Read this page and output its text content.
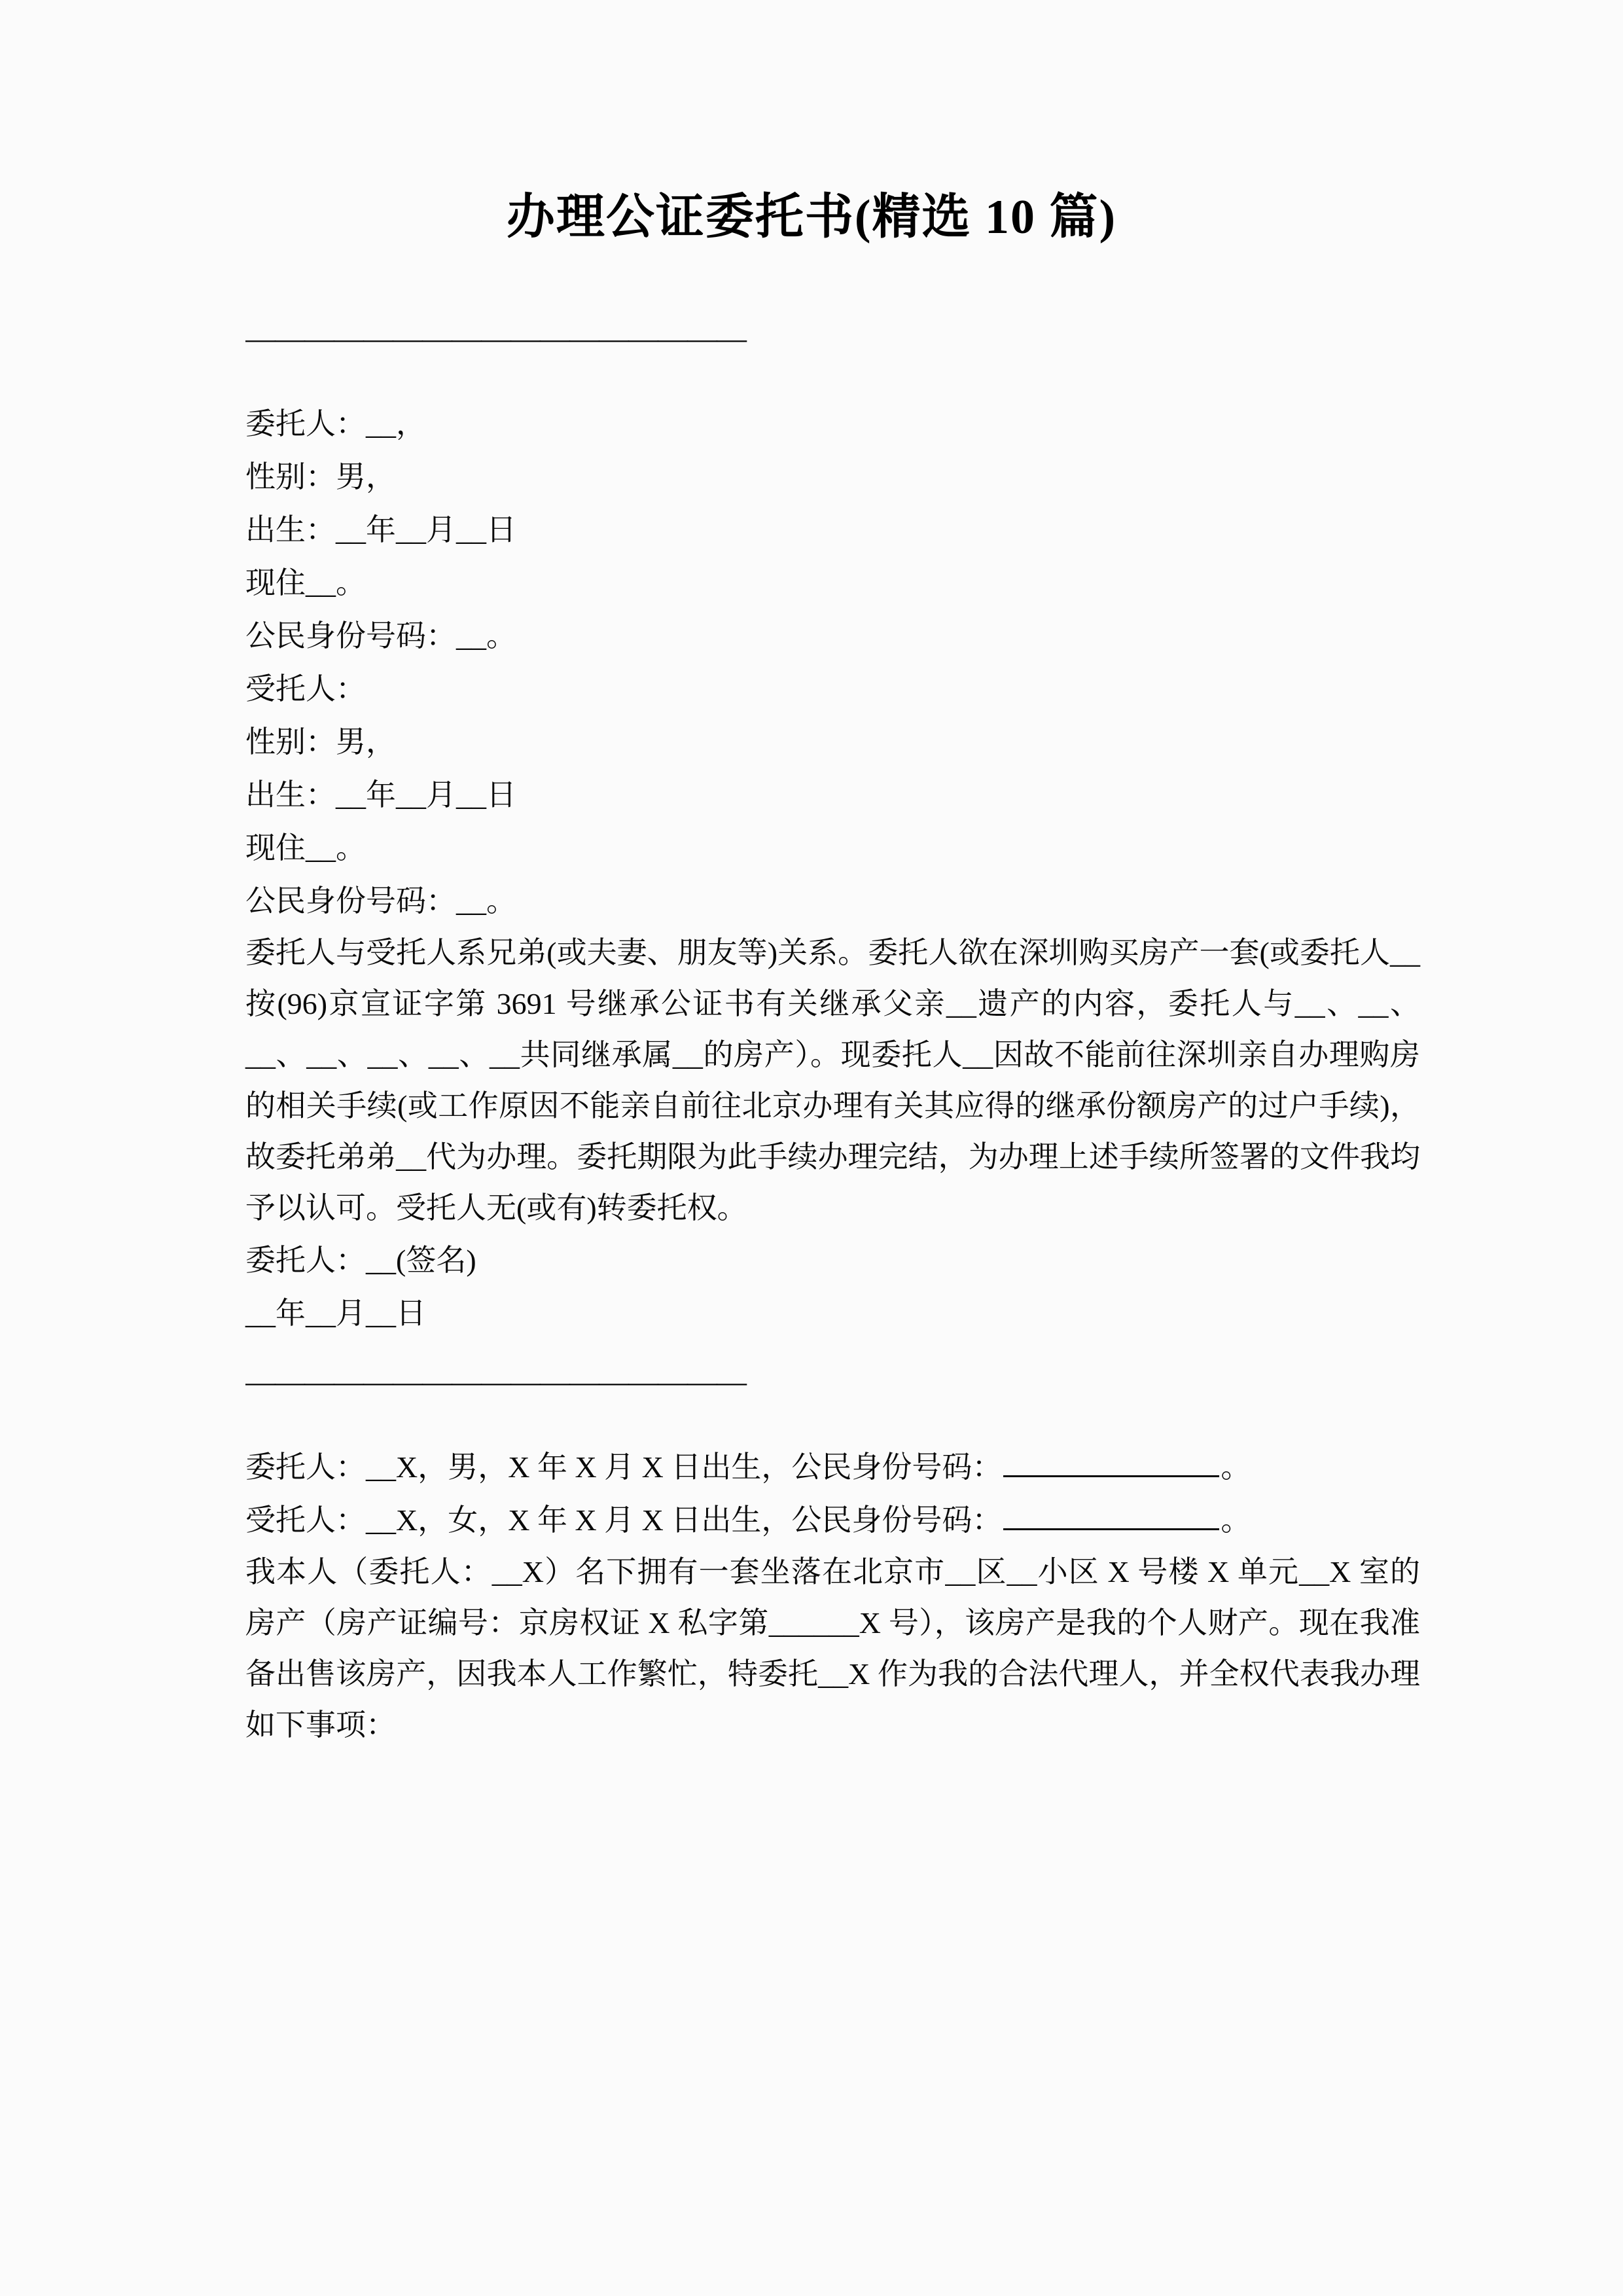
办理公证委托书(精选 10 篇)
—————————————————

委托人：__，

性别：男，

出生：__年__月__日

现住__。

公民身份号码：__。

受托人：

性别：男，

出生：__年__月__日

现住__。

公民身份号码：__。

委托人与受托人系兄弟(或夫妻、朋友等)关系。委托人欲在深圳购买房产一套(或委托人__按(96)京宣证字第 3691 号继承公证书有关继承父亲__遗产的内容，委托人与__、__、__、__、__、__、__共同继承属__的房产）。现委托人__因故不能前往深圳亲自办理购房的相关手续(或工作原因不能亲自前往北京办理有关其应得的继承份额房产的过户手续)，故委托弟弟__代为办理。委托期限为此手续办理完结，为办理上述手续所签署的文件我均予以认可。受托人无(或有)转委托权。

委托人：__(签名)

__年__月__日

—————————————————

委托人：__X，男，X 年 X 月 X 日出生，公民身份号码：	。

受托人：__X，女，X 年 X 月 X 日出生，公民身份号码：	。

我本人（委托人：__X）名下拥有一套坐落在北京市__区__小区 X 号楼 X 单元__X 室的房产（房产证编号：京房权证 X 私字第______X 号），该房产是我的个人财产。现在我准备出售该房产，因我本人工作繁忙，特委托__X 作为我的合法代理人，并全权代表我办理如下事项：
